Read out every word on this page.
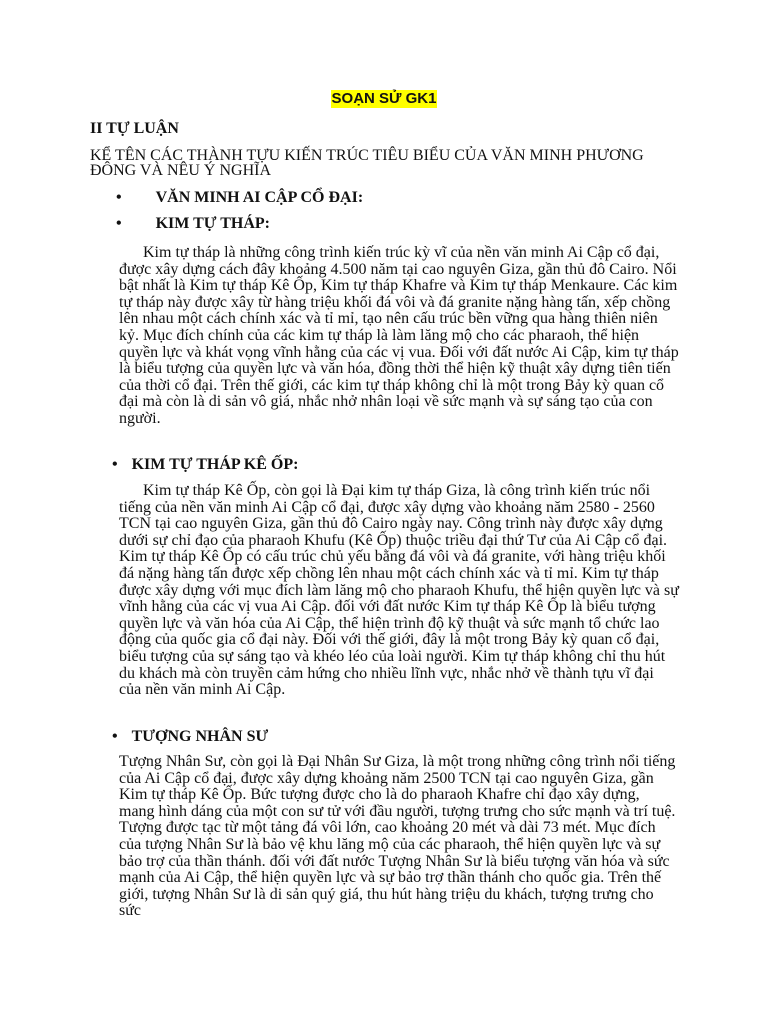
SOẠN SỬ GK1

II TỰ LUẬN

KỂ TÊN CÁC THÀNH TỰU KIẾN TRÚC TIÊU BIỂU CỦA VĂN MINH PHƯƠNG ĐÔNG VÀ NÊU Ý NGHĨA

• VĂN MINH AI CẬP CỔ ĐẠI:

• KIM TỰ THÁP:

Kim tự tháp là những công trình kiến trúc kỳ vĩ của nền văn minh Ai Cập cổ đại, được xây dựng cách đây khoảng 4.500 năm tại cao nguyên Giza, gần thủ đô Cairo. Nổi bật nhất là Kim tự tháp Kê Ốp, Kim tự tháp Khafre và Kim tự tháp Menkaure. Các kim tự tháp này được xây từ hàng triệu khối đá vôi và đá granite nặng hàng tấn, xếp chồng lên nhau một cách chính xác và tỉ mỉ, tạo nên cấu trúc bền vững qua hàng thiên niên kỷ. Mục đích chính của các kim tự tháp là làm lăng mộ cho các pharaoh, thể hiện quyền lực và khát vọng vĩnh hằng của các vị vua. Đối với đất nước Ai Cập, kim tự tháp là biểu tượng của quyền lực và văn hóa, đồng thời thể hiện kỹ thuật xây dựng tiên tiến của thời cổ đại. Trên thế giới, các kim tự tháp không chỉ là một trong Bảy kỳ quan cổ đại mà còn là di sản vô giá, nhắc nhở nhân loại về sức mạnh và sự sáng tạo của con người.

• KIM TỰ THÁP KÊ ỐP:

Kim tự tháp Kê Ốp, còn gọi là Đại kim tự tháp Giza, là công trình kiến trúc nổi tiếng của nền văn minh Ai Cập cổ đại, được xây dựng vào khoảng năm 2580 - 2560 TCN tại cao nguyên Giza, gần thủ đô Cairo ngày nay. Công trình này được xây dựng dưới sự chỉ đạo của pharaoh Khufu (Kê Ốp) thuộc triều đại thứ Tư của Ai Cập cổ đại. Kim tự tháp Kê Ốp có cấu trúc chủ yếu bằng đá vôi và đá granite, với hàng triệu khối đá nặng hàng tấn được xếp chồng lên nhau một cách chính xác và tỉ mỉ. Kim tự tháp được xây dựng với mục đích làm lăng mộ cho pharaoh Khufu, thể hiện quyền lực và sự vĩnh hằng của các vị vua Ai Cập. đối với đất nước Kim tự tháp Kê Ốp là biểu tượng quyền lực và văn hóa của Ai Cập, thể hiện trình độ kỹ thuật và sức mạnh tổ chức lao động của quốc gia cổ đại này. Đối với thế giới, đây là một trong Bảy kỳ quan cổ đại, biểu tượng của sự sáng tạo và khéo léo của loài người. Kim tự tháp không chỉ thu hút du khách mà còn truyền cảm hứng cho nhiều lĩnh vực, nhắc nhở về thành tựu vĩ đại của nền văn minh Ai Cập.

• TƯỢNG NHÂN SƯ

Tượng Nhân Sư, còn gọi là Đại Nhân Sư Giza, là một trong những công trình nổi tiếng của Ai Cập cổ đại, được xây dựng khoảng năm 2500 TCN tại cao nguyên Giza, gần Kim tự tháp Kê Ốp. Bức tượng được cho là do pharaoh Khafre chỉ đạo xây dựng, mang hình dáng của một con sư tử với đầu người, tượng trưng cho sức mạnh và trí tuệ. Tượng được tạc từ một tảng đá vôi lớn, cao khoảng 20 mét và dài 73 mét. Mục đích của tượng Nhân Sư là bảo vệ khu lăng mộ của các pharaoh, thể hiện quyền lực và sự bảo trợ của thần thánh. đối với đất nước Tượng Nhân Sư là biểu tượng văn hóa và sức mạnh của Ai Cập, thể hiện quyền lực và sự bảo trợ thần thánh cho quốc gia. Trên thế giới, tượng Nhân Sư là di sản quý giá, thu hút hàng triệu du khách, tượng trưng cho sức
